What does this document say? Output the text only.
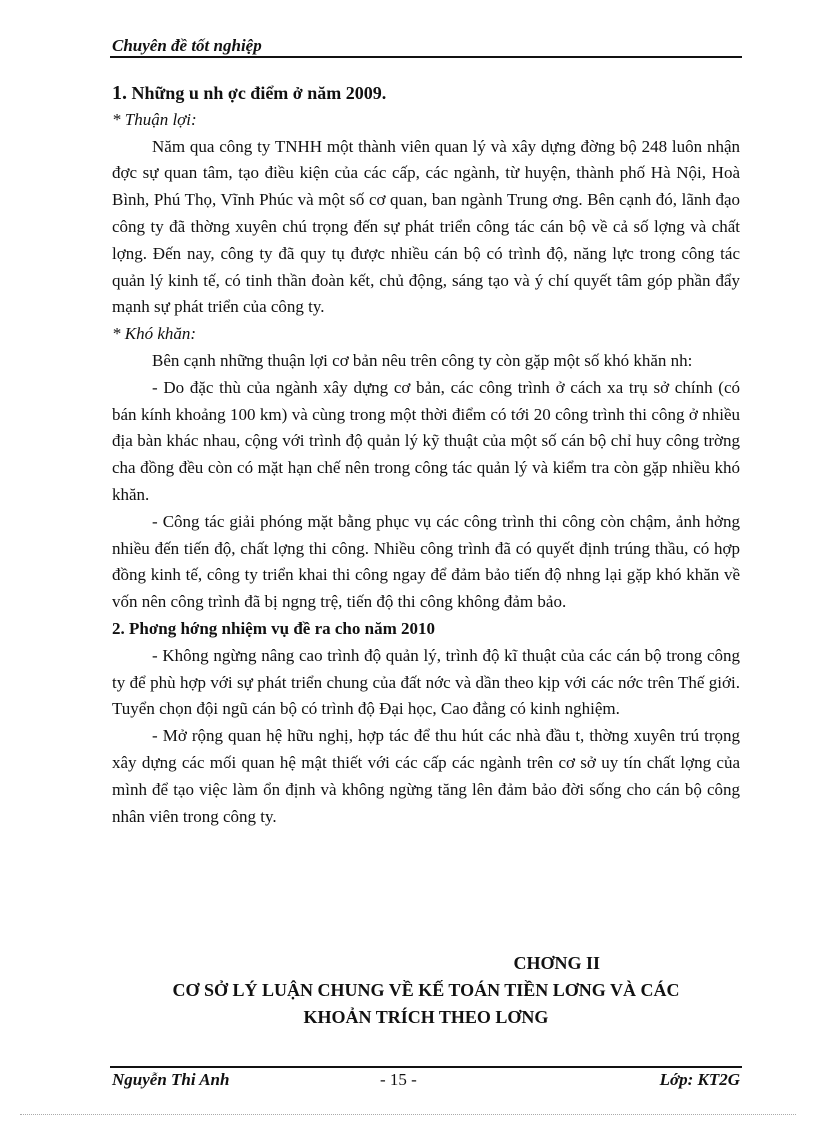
Chuyên đề tốt nghiệp

1. Những u nh ợc điểm ở năm 2009.

* Thuận lợi:

Năm qua công ty TNHH một thành viên quan lý và xây dựng đờng bộ 248 luôn nhận đợc sự quan tâm, tạo điều kiện của các cấp, các ngành, từ huyện, thành phố Hà Nội, Hoà Bình, Phú Thọ, Vĩnh Phúc và một số cơ quan, ban ngành Trung ơng. Bên cạnh đó, lãnh đạo công ty đã thờng xuyên chú trọng đến sự phát triển công tác cán bộ về cả số lợng và chất lợng. Đến nay, công ty đã quy tụ được nhiều cán bộ có trình độ, năng lực trong công tác quản lý kinh tế, có tinh thần đoàn kết, chủ động, sáng tạo và ý chí quyết tâm góp phần đẩy mạnh sự phát triển của công ty.

* Khó khăn:

Bên cạnh những thuận lợi cơ bản nêu trên công ty còn gặp một số khó khăn nh:

- Do đặc thù của ngành xây dựng cơ bản, các công trình ở cách xa trụ sở chính (có bán kính khoảng 100 km) và cùng trong một thời điểm có tới 20 công trình thi công ở nhiều địa bàn khác nhau, cộng với trình độ quản lý kỹ thuật của một số cán bộ chỉ huy công trờng cha đồng đều còn có mặt hạn chế nên trong công tác quản lý và kiểm tra còn gặp nhiều khó khăn.

- Công tác giải phóng mặt bằng phục vụ các công trình thi công còn chậm, ảnh hởng nhiều đến tiến độ, chất lợng thi công. Nhiều công trình đã có quyết định trúng thầu, có hợp đồng kinh tế, công ty triển khai thi công ngay để đảm bảo tiến độ nhng lại gặp khó khăn về vốn nên công trình đã bị ngng trệ, tiến độ thi công không đảm bảo.

2. Phơng hớng nhiệm vụ đề ra cho năm 2010

- Không ngừng nâng cao trình độ quản lý, trình độ kĩ thuật của các cán bộ trong công ty để phù hợp với sự phát triển chung của đất nớc và dần theo kịp với các nớc trên Thế giới. Tuyển chọn đội ngũ cán bộ có trình độ Đại học, Cao đẳng có kinh nghiệm.

- Mở rộng quan hệ hữu nghị, hợp tác để thu hút các nhà đầu t, thờng xuyên trú trọng xây dựng các mối quan hệ mật thiết với các cấp các ngành trên cơ sở uy tín chất lợng của mình để tạo việc làm ổn định và không ngừng tăng lên đảm bảo đời sống cho cán bộ công nhân viên trong công ty.

CHƠNG II
CƠ SỞ LÝ LUẬN CHUNG VỀ KẾ TOÁN TIỀN LƠNG VÀ CÁC
KHOẢN TRÍCH THEO LƠNG
Nguyễn Thi Anh	- 15 -	Lớp: KT2G
